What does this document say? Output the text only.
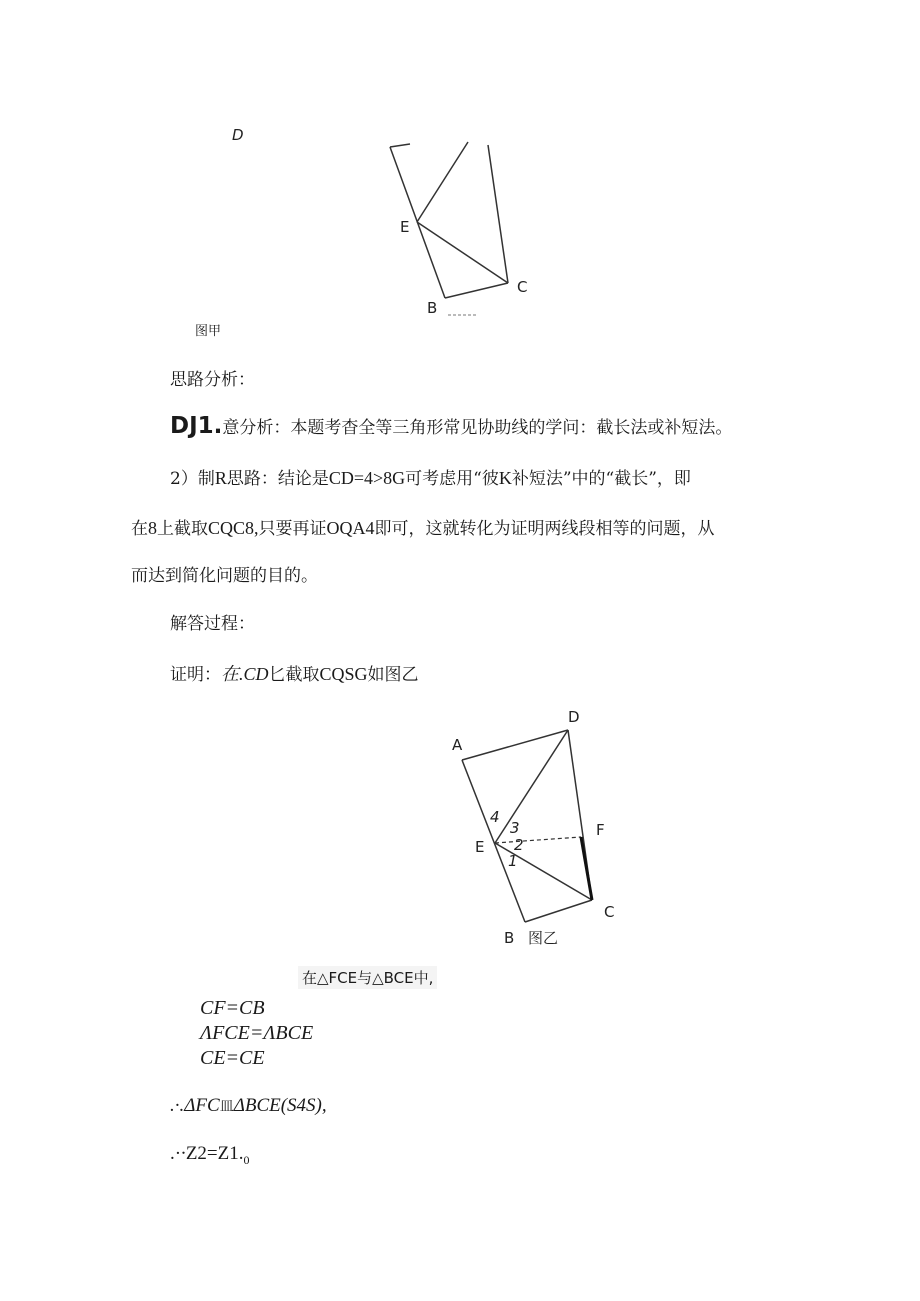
D
E
C
B
图甲
思路分析：
DJ1.意分析：本题考杳全等三角形常见协助线的学问：截长法或补短法。
2）制R思路：结论是CD=4>8G可考虑用“彼K补短法”中的“截长”，即
在8上截取CQC8,只要再证OQA4即可，这就转化为证明两线段相等的问题，从
而达到简化问题的目的。
解答过程：
证明：在.CD匕截取CQSG如图乙
A
D
E
F
C
B
4
3
2
1
图乙
在△FCE与△BCE中,
CF=CB
ΛFCE=ΛBCE
CE=CE
.·.ΔFC皿ΔBCE(S4S),
$.\cdot\cdot Z2=Z1._0$
